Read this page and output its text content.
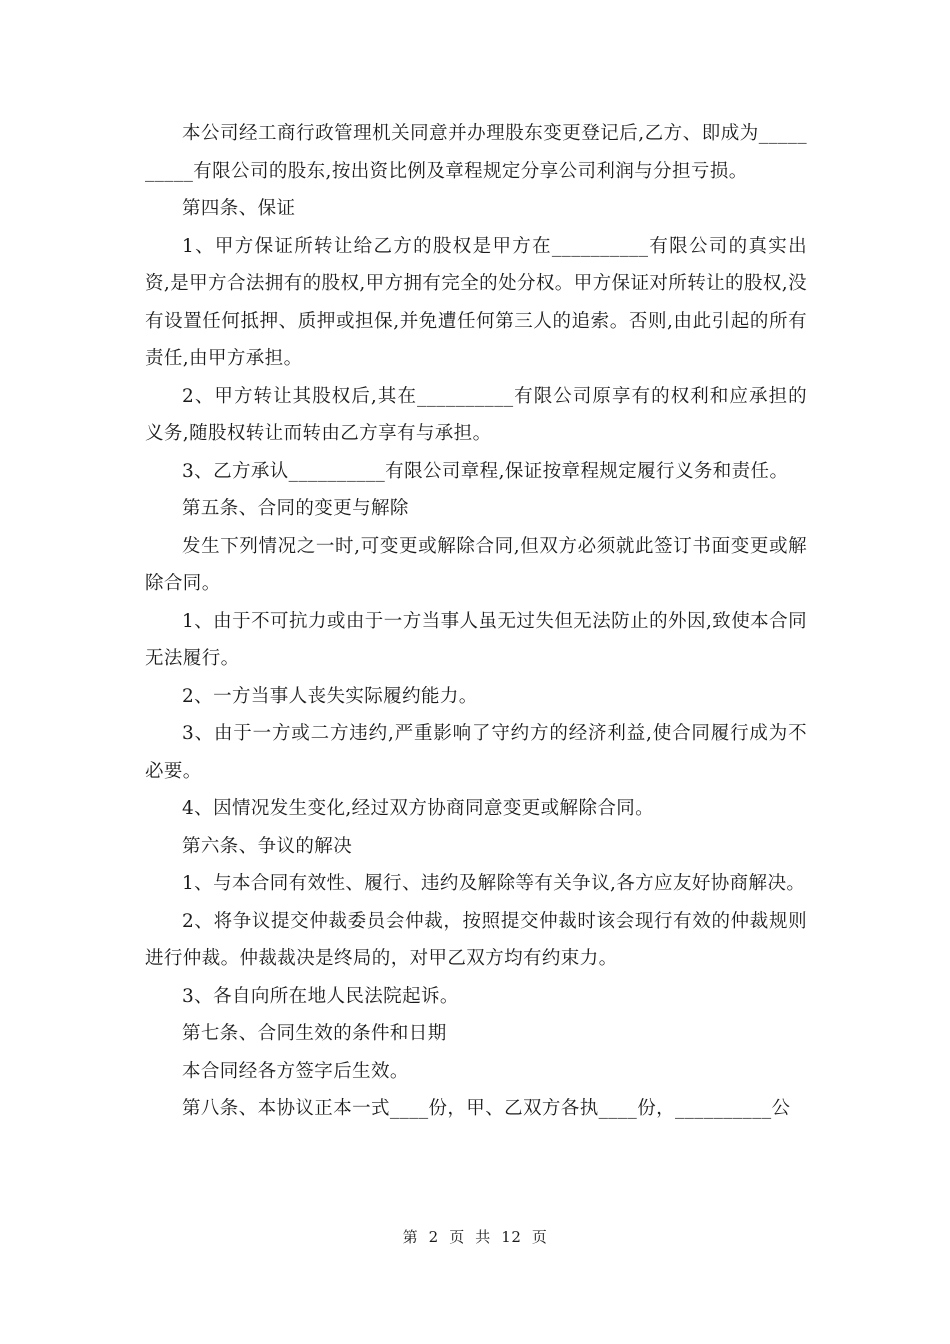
本公司经工商行政管理机关同意并办理股东变更登记后,乙方、即成为__________有限公司的股东,按出资比例及章程规定分享公司利润与分担亏损。

第四条、保证

1、甲方保证所转让给乙方的股权是甲方在__________有限公司的真实出资,是甲方合法拥有的股权,甲方拥有完全的处分权。甲方保证对所转让的股权,没有设置任何抵押、质押或担保,并免遭任何第三人的追索。否则,由此引起的所有责任,由甲方承担。

2、甲方转让其股权后,其在__________有限公司原享有的权利和应承担的义务,随股权转让而转由乙方享有与承担。

3、乙方承认__________有限公司章程,保证按章程规定履行义务和责任。

第五条、合同的变更与解除

发生下列情况之一时,可变更或解除合同,但双方必须就此签订书面变更或解除合同。

1、由于不可抗力或由于一方当事人虽无过失但无法防止的外因,致使本合同无法履行。

2、一方当事人丧失实际履约能力。

3、由于一方或二方违约,严重影响了守约方的经济利益,使合同履行成为不必要。

4、因情况发生变化,经过双方协商同意变更或解除合同。

第六条、争议的解决

1、与本合同有效性、履行、违约及解除等有关争议,各方应友好协商解决。

2、将争议提交仲裁委员会仲裁，按照提交仲裁时该会现行有效的仲裁规则进行仲裁。仲裁裁决是终局的，对甲乙双方均有约束力。

3、各自向所在地人民法院起诉。

第七条、合同生效的条件和日期

本合同经各方签字后生效。

第八条、本协议正本一式____份，甲、乙双方各执____份，__________公

第  2  页  共  12  页
